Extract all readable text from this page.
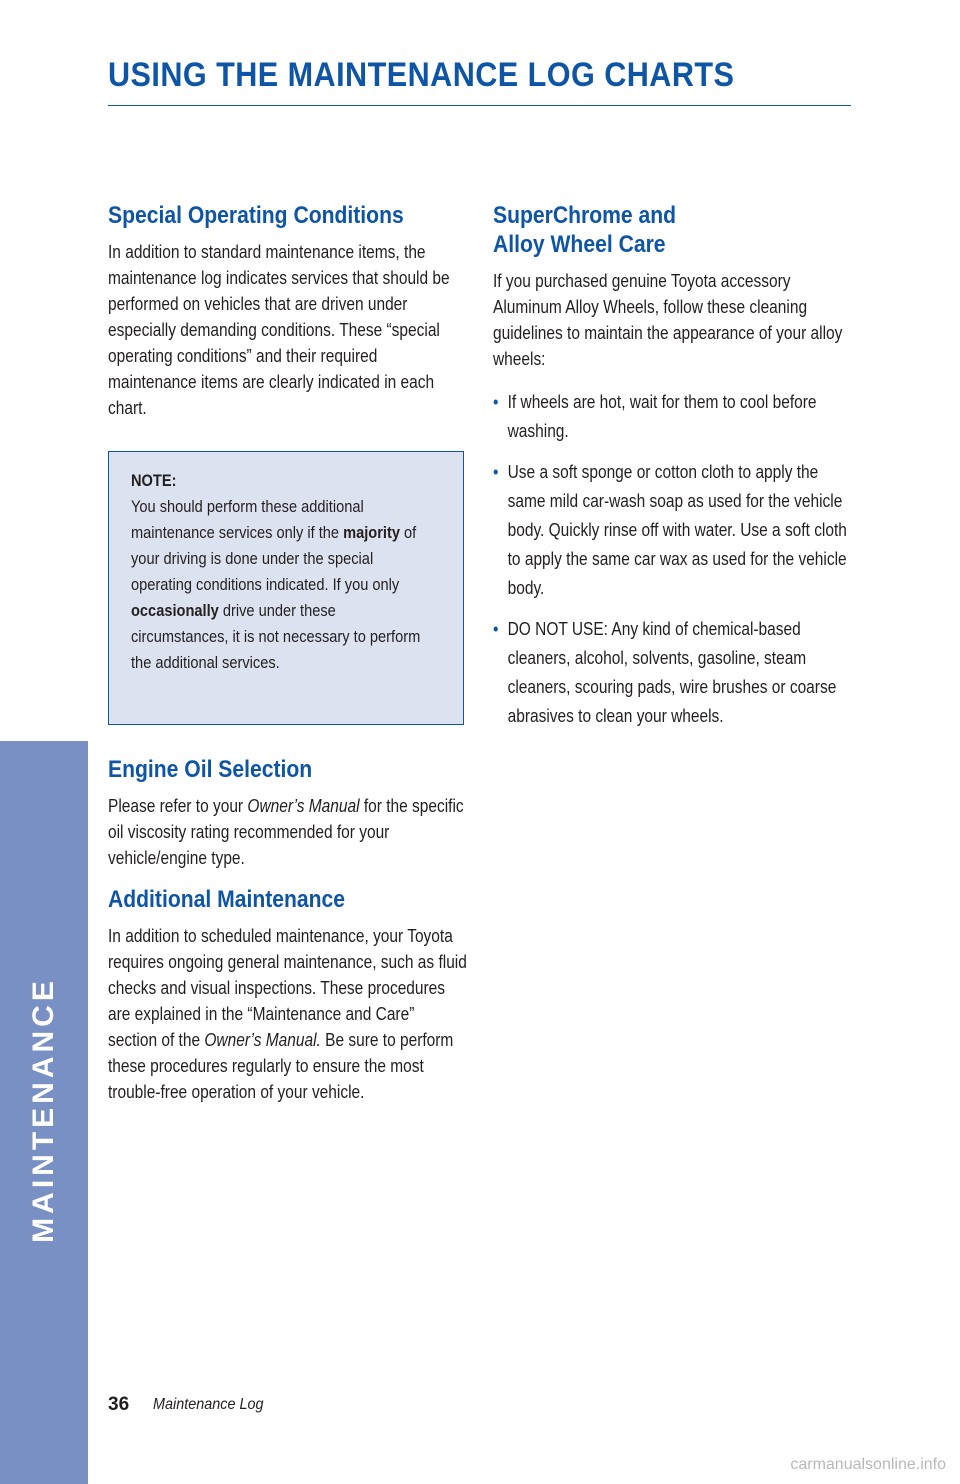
USING THE MAINTENANCE LOG CHARTS
MAINTENANCE
Special Operating Conditions

In addition to standard maintenance items, the maintenance log indicates services that should be performed on vehicles that are driven under especially demanding conditions. These “special operating conditions” and their required maintenance items are clearly indicated in each chart.

NOTE:

You should perform these additional maintenance services only if the majority of your driving is done under the special operating conditions indicated. If you only occasionally drive under these circumstances, it is not necessary to perform the additional services.

Engine Oil Selection

Please refer to your Owner’s Manual for the specific oil viscosity rating recommended for your vehicle/engine type.

Additional Maintenance

In addition to scheduled maintenance, your Toyota requires ongoing general maintenance, such as fluid checks and visual inspections. These procedures are explained in the “Maintenance and Care” section of the Owner’s Manual. Be sure to perform these procedures regularly to ensure the most trouble-free operation of your vehicle.

SuperChrome and
Alloy Wheel Care

If you purchased genuine Toyota accessory Aluminum Alloy Wheels, follow these cleaning guidelines to maintain the appearance of your alloy wheels:

• If wheels are hot, wait for them to cool before washing.
• Use a soft sponge or cotton cloth to apply the same mild car-wash soap as used for the vehicle body. Quickly rinse off with water. Use a soft cloth to apply the same car wax as used for the vehicle body.
• DO NOT USE: Any kind of chemical-based cleaners, alcohol, solvents, gasoline, steam cleaners, scouring pads, wire brushes or coarse abrasives to clean your wheels.
36 Maintenance Log
carmanualsonline.info
